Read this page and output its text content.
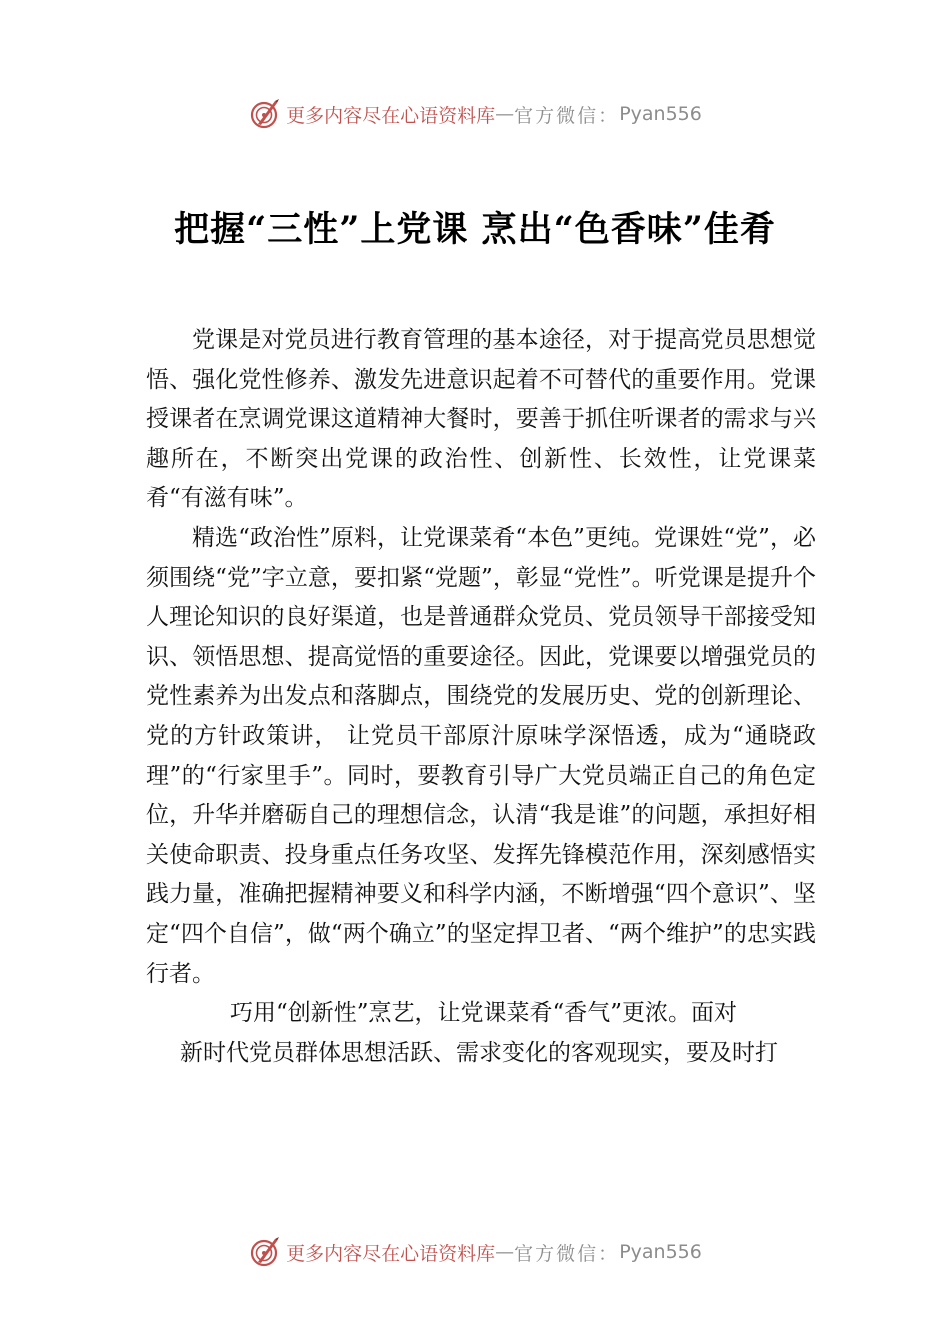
更多内容尽在心语资料库 — 官方微信： Pyan556
把握“三性”上党课 烹出“色香味”佳肴

党课是对党员进行教育管理的基本途径，对于提高党员思想觉悟、强化党性修养、激发先进意识起着不可替代的重要作用。党课授课者在烹调党课这道精神大餐时，要善于抓住听课者的需求与兴趣所在，不断突出党课的政治性、创新性、长效性，让党课菜肴“有滋有味”。

精选“政治性”原料，让党课菜肴“本色”更纯。党课姓“党”，必须围绕“党”字立意，要扣紧“党题”，彰显“党性”。听党课是提升个人理论知识的良好渠道，也是普通群众党员、党员领导干部接受知识、领悟思想、提高觉悟的重要途径。因此，党课要以增强党员的党性素养为出发点和落脚点，围绕党的发展历史、党的创新理论、党的方针政策讲， 让党员干部原汁原味学深悟透，成为“通晓政理”的“行家里手”。同时，要教育引导广大党员端正自己的角色定位，升华并磨砺自己的理想信念，认清“我是谁”的问题，承担好相关使命职责、投身重点任务攻坚、发挥先锋模范作用，深刻感悟实践力量，准确把握精神要义和科学内涵，不断增强“四个意识”、坚定“四个自信”，做“两个确立”的坚定捍卫者、“两个维护”的忠实践行者。

巧用“创新性”烹艺，让党课菜肴“香气”更浓。面对
新时代党员群体思想活跃、需求变化的客观现实，要及时打

更多内容尽在心语资料库 — 官方微信： Pyan556
